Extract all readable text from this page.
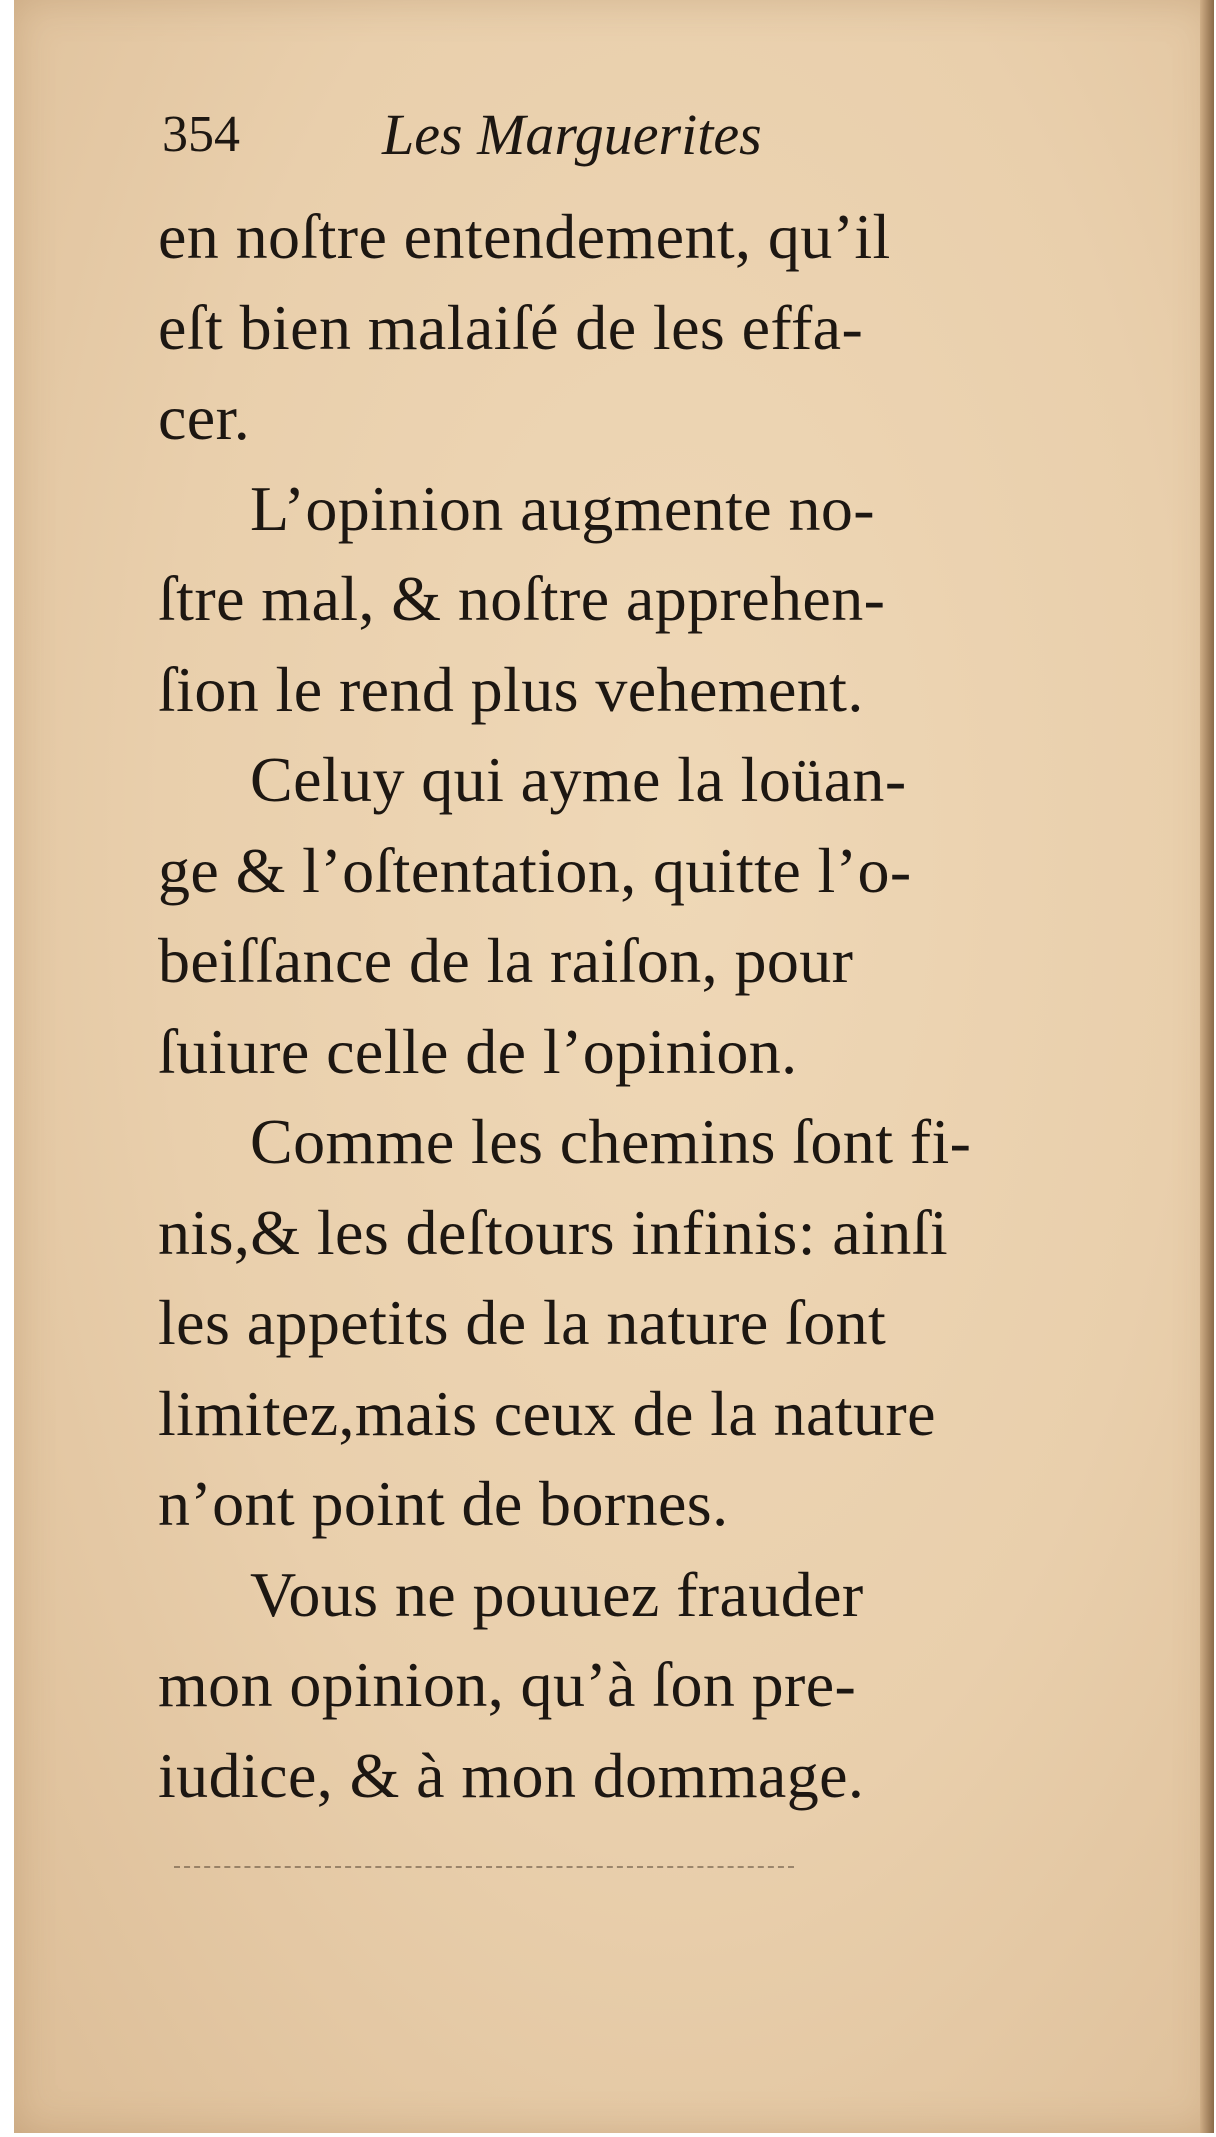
354 Les Marguerites
en noſtre entendement, qu’il
eſt bien malaiſé de les effa-
cer.
L’opinion augmente no-
ſtre mal, & noſtre apprehen-
ſion le rend plus vehement.
Celuy qui ayme la loüan-
ge & l’oſtentation, quitte l’o-
beiſſance de la raiſon, pour
ſuiure celle de l’opinion.
Comme les chemins ſont fi-
nis,& les deſtours infinis: ainſi
les appetits de la nature ſont
limitez,mais ceux de la nature
n’ont point de bornes.
Vous ne pouuez frauder
mon opinion, qu’à ſon pre-
iudice, & à mon dommage.
